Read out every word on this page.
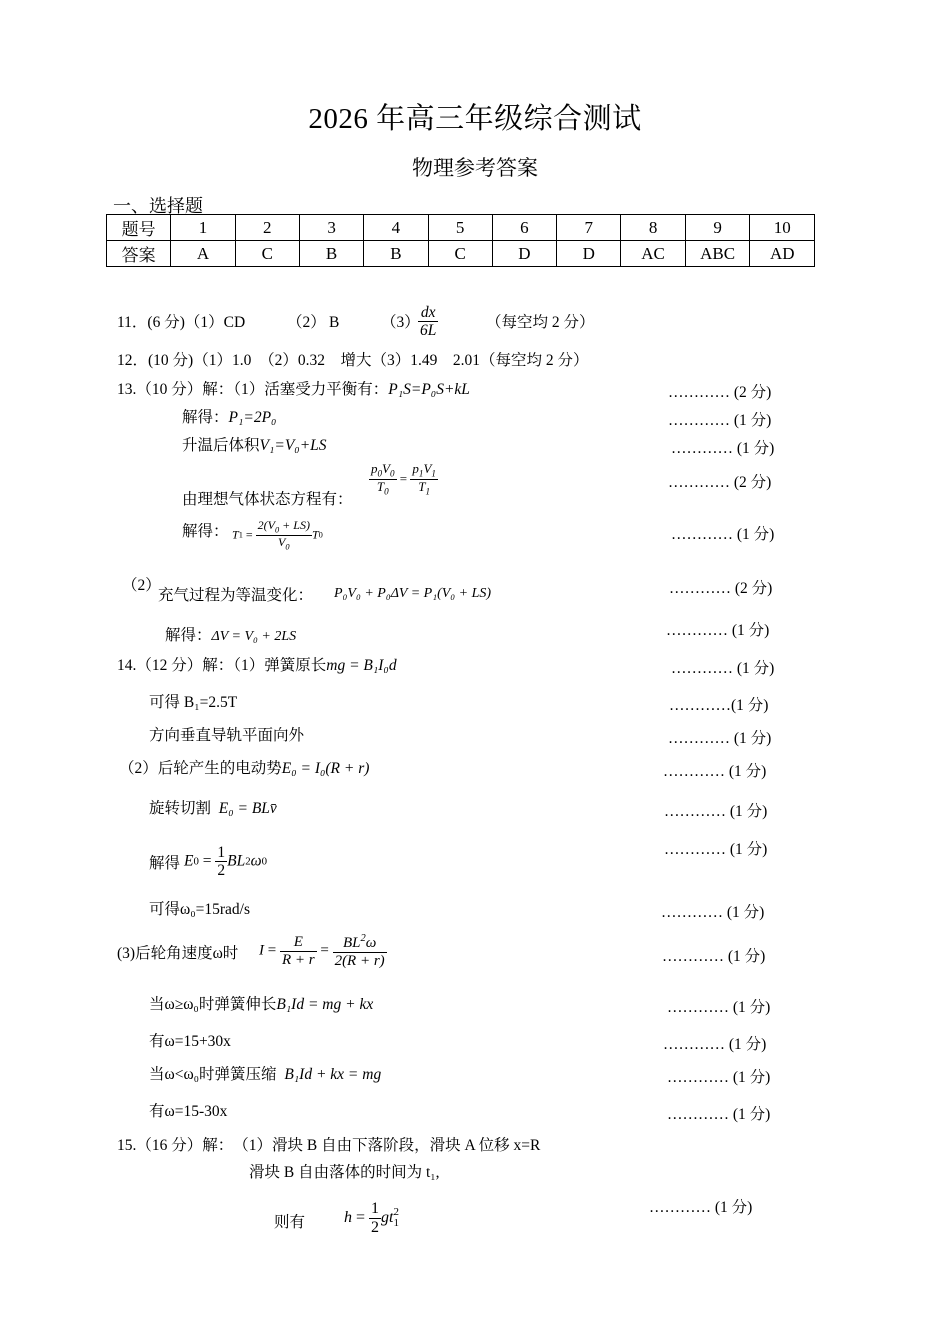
2026 年高三年级综合测试
物理参考答案
一、选择题
题号	1	2	3	4	5	6	7	8	9	10
答案	A	C	B	B	C	D	D	AC	ABC	AD
11．(6 分)（1）CD	（2） B	（3）
$\frac{dx}{6L}$	（每空均 2 分）
12．(10 分)（1）1.0　（2）0.32　增大（3）1.49　2.01（每空均 2 分）
13.（10 分）解：（1）活塞受力平衡有：P₁S=P₀S+kL	………… (2 分)
解得：P₁=2P₀	………… (1 分)
升温后体积V₁=V₀+LS	………… (1 分)
$\frac{p_0V_0}{T_0} = \frac{p_1V_1}{T_1}$
由理想气体状态方程有：
………… (2 分)
解得： $T1 = \frac{2(V_0 + LS)}{V_0} T0$	………… (1 分)
（2）
充气过程为等温变化： P₀V₀ + P₀ΔV = P₁(V₀ + LS)	………… (2 分)
解得：ΔV = V₀ + 2LS	………… (1 分)
14.（12 分）解：（1）弹簧原长mg = B₁I₀d	………… (1 分)
可得 B₁=2.5T	…………(1 分)
方向垂直导轨平面向外	………… (1 分)
（2）后轮产生的电动势E₀ = I₀(R + r)	………… (1 分)
旋转切割 E₀ = BLv̄	………… (1 分)
解得 $E0 = \frac{1}{2} BL2\omega 0$
………… (1 分)
可得ω₀=15rad/s	………… (1 分)
(3)后轮角速度ω时 $I = \frac{E}{R + r} = \frac{BL^2\omega}{2(R + r)}$	………… (1 分)
当ω≥ω₀时弹簧伸长B₁Id = mg + kx	………… (1 分)
有ω=15+30x	………… (1 分)
当ω<ω₀时弹簧压缩 B₁Id + kx = mg	………… (1 分)
有ω=15-30x	………… (1 分)
15.（16 分）解：　（1）滑块 B 自由下落阶段，滑块 A 位移 x=R
滑块 B 自由落体的时间为 t₁,
则有 $h = \frac{1}{2}$ gt 2
1
………… (1 分)
